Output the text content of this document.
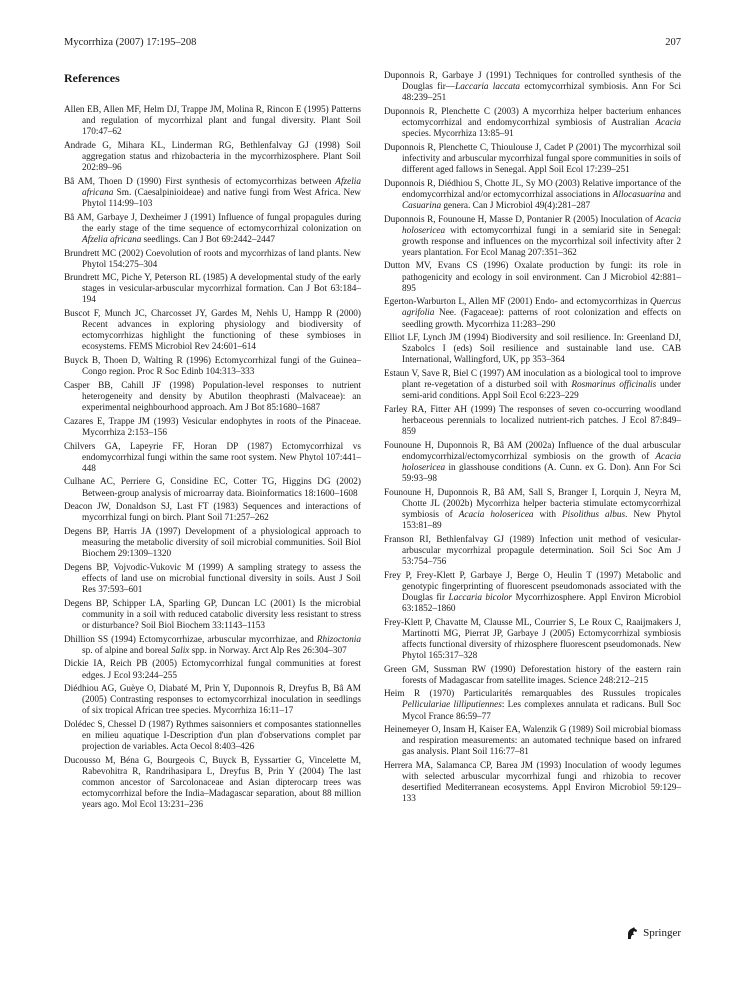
Mycorrhiza (2007) 17:195–208	207
References
Allen EB, Allen MF, Helm DJ, Trappe JM, Molina R, Rincon E (1995) Patterns and regulation of mycorrhizal plant and fungal diversity. Plant Soil 170:47–62
Andrade G, Mihara KL, Linderman RG, Bethlenfalvay GJ (1998) Soil aggregation status and rhizobacteria in the mycorrhizosphere. Plant Soil 202:89–96
Bâ AM, Thoen D (1990) First synthesis of ectomycorrhizas between Afzelia africana Sm. (Caesalpinioideae) and native fungi from West Africa. New Phytol 114:99–103
Bâ AM, Garbaye J, Dexheimer J (1991) Influence of fungal propagules during the early stage of the time sequence of ectomycorrhizal colonization on Afzelia africana seedlings. Can J Bot 69:2442–2447
Brundrett MC (2002) Coevolution of roots and mycorrhizas of land plants. New Phytol 154:275–304
Brundrett MC, Piche Y, Peterson RL (1985) A developmental study of the early stages in vesicular-arbuscular mycorrhizal formation. Can J Bot 63:184–194
Buscot F, Munch JC, Charcosset JY, Gardes M, Nehls U, Hampp R (2000) Recent advances in exploring physiology and biodiversity of ectomycorrhizas highlight the functioning of these symbioses in ecosystems. FEMS Microbiol Rev 24:601–614
Buyck B, Thoen D, Walting R (1996) Ectomycorrhizal fungi of the Guinea–Congo region. Proc R Soc Edinb 104:313–333
Casper BB, Cahill JF (1998) Population-level responses to nutrient heterogeneity and density by Abutilon theophrasti (Malvaceae): an experimental neighbourhood approach. Am J Bot 85:1680–1687
Cazares E, Trappe JM (1993) Vesicular endophytes in roots of the Pinaceae. Mycorrhiza 2:153–156
Chilvers GA, Lapeyrie FF, Horan DP (1987) Ectomycorrhizal vs endomycorrhizal fungi within the same root system. New Phytol 107:441–448
Culhane AC, Perriere G, Considine EC, Cotter TG, Higgins DG (2002) Between-group analysis of microarray data. Bioinformatics 18:1600–1608
Deacon JW, Donaldson SJ, Last FT (1983) Sequences and interactions of mycorrhizal fungi on birch. Plant Soil 71:257–262
Degens BP, Harris JA (1997) Development of a physiological approach to measuring the metabolic diversity of soil microbial communities. Soil Biol Biochem 29:1309–1320
Degens BP, Vojvodic-Vukovic M (1999) A sampling strategy to assess the effects of land use on microbial functional diversity in soils. Aust J Soil Res 37:593–601
Degens BP, Schipper LA, Sparling GP, Duncan LC (2001) Is the microbial community in a soil with reduced catabolic diversity less resistant to stress or disturbance? Soil Biol Biochem 33:1143–1153
Dhillion SS (1994) Ectomycorrhizae, arbuscular mycorrhizae, and Rhizoctonia sp. of alpine and boreal Salix spp. in Norway. Arct Alp Res 26:304–307
Dickie IA, Reich PB (2005) Ectomycorrhizal fungal communities at forest edges. J Ecol 93:244–255
Diédhiou AG, Guèye O, Diabaté M, Prin Y, Duponnois R, Dreyfus B, Bâ AM (2005) Contrasting responses to ectomycorrhizal inoculation in seedlings of six tropical African tree species. Mycorrhiza 16:11–17
Dolédec S, Chessel D (1987) Rythmes saisonniers et composantes stationnelles en milieu aquatique I-Description d'un plan d'observations complet par projection de variables. Acta Oecol 8:403–426
Ducousso M, Béna G, Bourgeois C, Buyck B, Eyssartier G, Vincelette M, Rabevohitra R, Randrihasipara L, Dreyfus B, Prin Y (2004) The last common ancestor of Sarcolonaceae and Asian dipterocarp trees was ectomycorrhizal before the India–Madagascar separation, about 88 million years ago. Mol Ecol 13:231–236
Duponnois R, Garbaye J (1991) Techniques for controlled synthesis of the Douglas fir—Laccaria laccata ectomycorrhizal symbiosis. Ann For Sci 48:239–251
Duponnois R, Plenchette C (2003) A mycorrhiza helper bacterium enhances ectomycorrhizal and endomycorrhizal symbiosis of Australian Acacia species. Mycorrhiza 13:85–91
Duponnois R, Plenchette C, Thioulouse J, Cadet P (2001) The mycorrhizal soil infectivity and arbuscular mycorrhizal fungal spore communities in soils of different aged fallows in Senegal. Appl Soil Ecol 17:239–251
Duponnois R, Diédhiou S, Chotte JL, Sy MO (2003) Relative importance of the endomycorrhizal and/or ectomycorrhizal associations in Allocasuarina and Casuarina genera. Can J Microbiol 49(4):281–287
Duponnois R, Founoune H, Masse D, Pontanier R (2005) Inoculation of Acacia holosericea with ectomycorrhizal fungi in a semiarid site in Senegal: growth response and influences on the mycorrhizal soil infectivity after 2 years plantation. For Ecol Manag 207:351–362
Dutton MV, Evans CS (1996) Oxalate production by fungi: its role in pathogenicity and ecology in soil environment. Can J Microbiol 42:881–895
Egerton-Warburton L, Allen MF (2001) Endo- and ectomycorrhizas in Quercus agrifolia Nee. (Fagaceae): patterns of root colonization and effects on seedling growth. Mycorrhiza 11:283–290
Elliot LF, Lynch JM (1994) Biodiversity and soil resilience. In: Greenland DJ, Szabolcs I (eds) Soil resilience and sustainable land use. CAB International, Wallingford, UK, pp 353–364
Estaun V, Save R, Biel C (1997) AM inoculation as a biological tool to improve plant re-vegetation of a disturbed soil with Rosmarinus officinalis under semi-arid conditions. Appl Soil Ecol 6:223–229
Farley RA, Fitter AH (1999) The responses of seven co-occurring woodland herbaceous perennials to localized nutrient-rich patches. J Ecol 87:849–859
Founoune H, Duponnois R, Bâ AM (2002a) Influence of the dual arbuscular endomycorrhizal/ectomycorrhizal symbiosis on the growth of Acacia holosericea in glasshouse conditions (A. Cunn. ex G. Don). Ann For Sci 59:93–98
Founoune H, Duponnois R, Bâ AM, Sall S, Branger I, Lorquin J, Neyra M, Chotte JL (2002b) Mycorrhiza helper bacteria stimulate ectomycorrhizal symbiosis of Acacia holosericea with Pisolithus albus. New Phytol 153:81–89
Franson RI, Bethlenfalvay GJ (1989) Infection unit method of vesicular-arbuscular mycorrhizal propagule determination. Soil Sci Soc Am J 53:754–756
Frey P, Frey-Klett P, Garbaye J, Berge O, Heulin T (1997) Metabolic and genotypic fingerprinting of fluorescent pseudomonads associated with the Douglas fir Laccaria bicolor Mycorrhizosphere. Appl Environ Microbiol 63:1852–1860
Frey-Klett P, Chavatte M, Clausse ML, Courrier S, Le Roux C, Raaijmakers J, Martinotti MG, Pierrat JP, Garbaye J (2005) Ectomycorrhizal symbiosis affects functional diversity of rhizosphere fluorescent pseudomonads. New Phytol 165:317–328
Green GM, Sussman RW (1990) Deforestation history of the eastern rain forests of Madagascar from satellite images. Science 248:212–215
Heim R (1970) Particularités remarquables des Russules tropicales Pelliculariae lilliputiennes: Les complexes annulata et radicans. Bull Soc Mycol France 86:59–77
Heinemeyer O, Insam H, Kaiser EA, Walenzik G (1989) Soil microbial biomass and respiration measurements: an automated technique based on infrared gas analysis. Plant Soil 116:77–81
Herrera MA, Salamanca CP, Barea JM (1993) Inoculation of woody legumes with selected arbuscular mycorrhizal fungi and rhizobia to recover desertified Mediterranean ecosystems. Appl Environ Microbiol 59:129–133
Springer
